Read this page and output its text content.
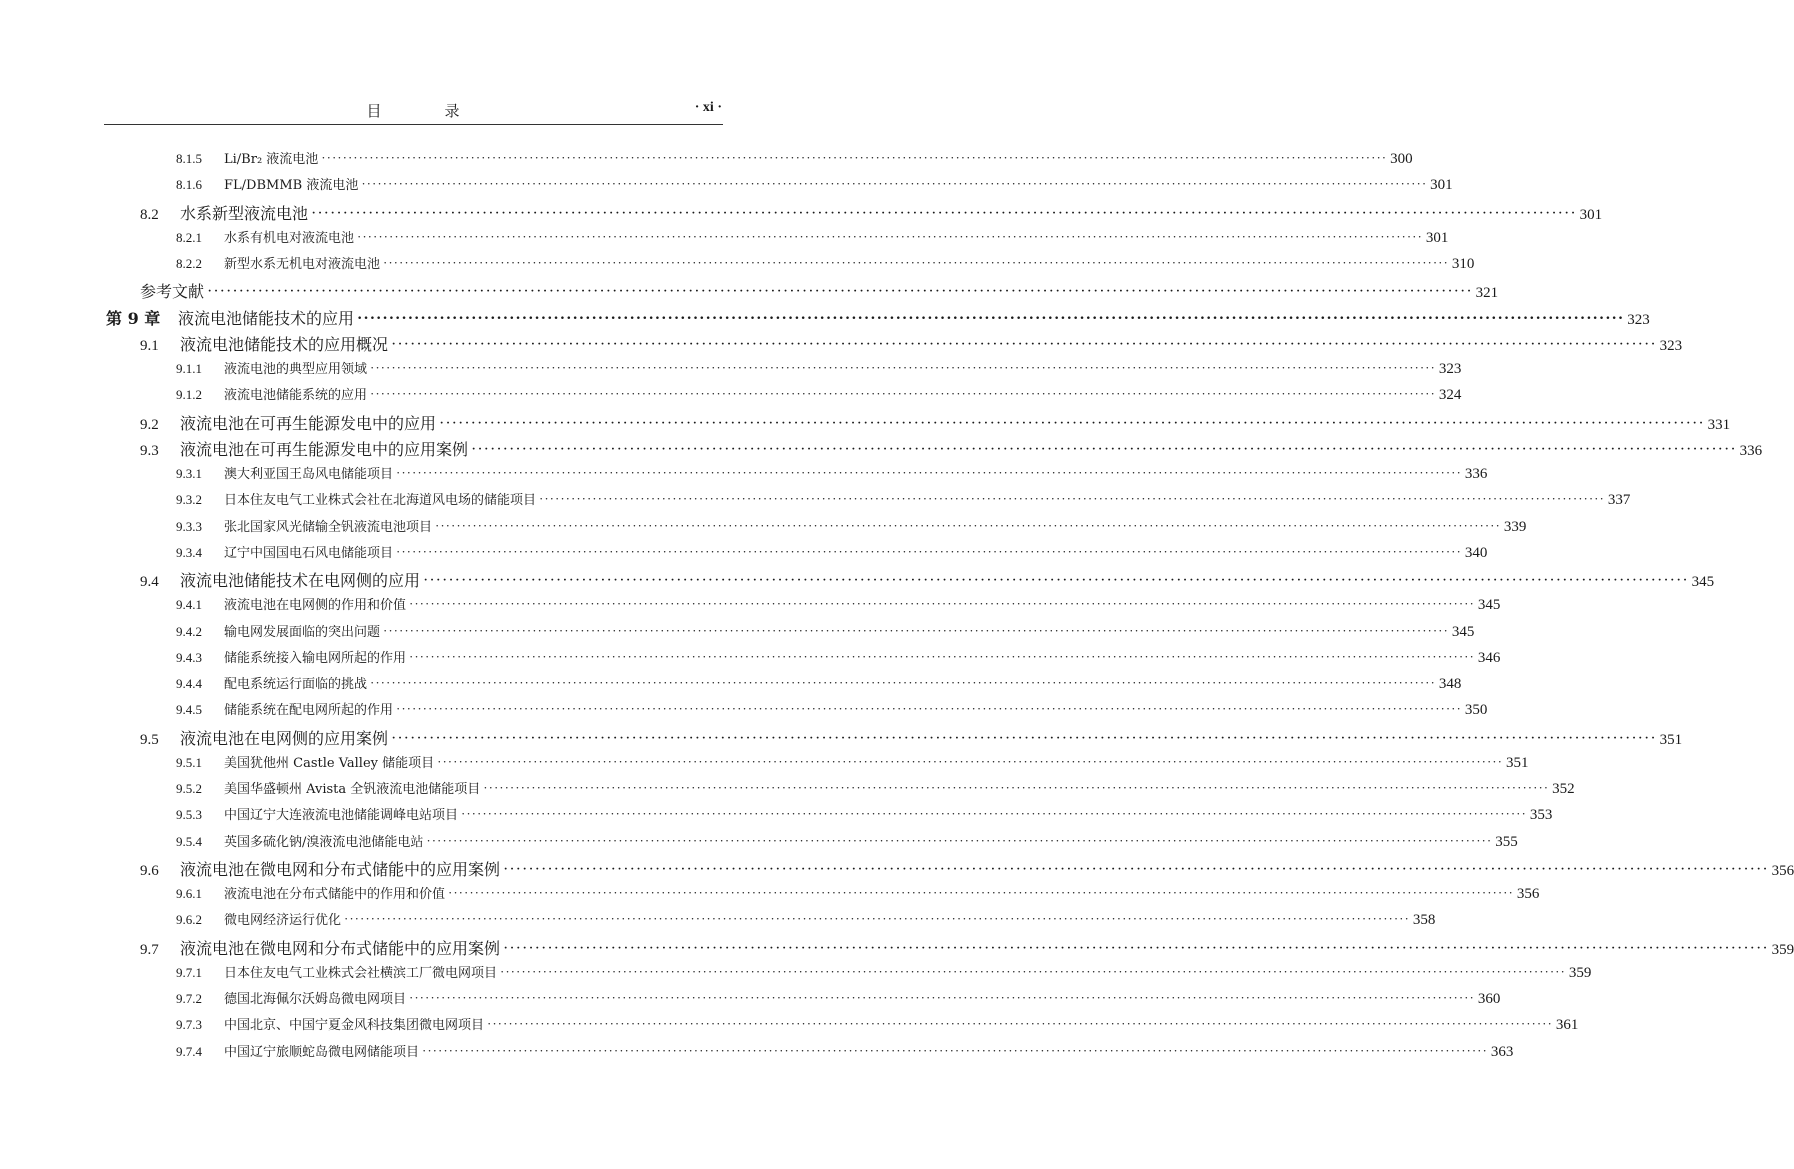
目　录	· xi ·
8.1.5	Li/Br₂ 液流电池 ········································································································································································································ 300
8.1.6	FL/DBMMB 液流电池 ········································································································································································································ 301
8.2	水系新型液流电池 ········································································································································································································ 301
8.2.1	水系有机电对液流电池 ········································································································································································································ 301
8.2.2	新型水系无机电对液流电池 ········································································································································································································ 310
参考文献 ········································································································································································································ 321
第 9 章	液流电池储能技术的应用 ········································································································································································································ 323
9.1	液流电池储能技术的应用概况 ········································································································································································································ 323
9.1.1	液流电池的典型应用领域 ········································································································································································································ 323
9.1.2	液流电池储能系统的应用 ········································································································································································································ 324
9.2	液流电池在可再生能源发电中的应用 ········································································································································································································ 331
9.3	液流电池在可再生能源发电中的应用案例 ········································································································································································································ 336
9.3.1	澳大利亚国王岛风电储能项目 ········································································································································································································ 336
9.3.2	日本住友电气工业株式会社在北海道风电场的储能项目 ········································································································································································································ 337
9.3.3	张北国家风光储输全钒液流电池项目 ········································································································································································································ 339
9.3.4	辽宁中国国电石风电储能项目 ········································································································································································································ 340
9.4	液流电池储能技术在电网侧的应用 ········································································································································································································ 345
9.4.1	液流电池在电网侧的作用和价值 ········································································································································································································ 345
9.4.2	输电网发展面临的突出问题 ········································································································································································································ 345
9.4.3	储能系统接入输电网所起的作用 ········································································································································································································ 346
9.4.4	配电系统运行面临的挑战 ········································································································································································································ 348
9.4.5	储能系统在配电网所起的作用 ········································································································································································································ 350
9.5	液流电池在电网侧的应用案例 ········································································································································································································ 351
9.5.1	美国犹他州 Castle Valley 储能项目 ········································································································································································································ 351
9.5.2	美国华盛顿州 Avista 全钒液流电池储能项目 ········································································································································································································ 352
9.5.3	中国辽宁大连液流电池储能调峰电站项目 ········································································································································································································ 353
9.5.4	英国多硫化钠/溴液流电池储能电站 ········································································································································································································ 355
9.6	液流电池在微电网和分布式储能中的应用案例 ········································································································································································································ 356
9.6.1	液流电池在分布式储能中的作用和价值 ········································································································································································································ 356
9.6.2	微电网经济运行优化 ········································································································································································································ 358
9.7	液流电池在微电网和分布式储能中的应用案例 ········································································································································································································ 359
9.7.1	日本住友电气工业株式会社横滨工厂微电网项目 ········································································································································································································ 359
9.7.2	德国北海佩尔沃姆岛微电网项目 ········································································································································································································ 360
9.7.3	中国北京、中国宁夏金风科技集团微电网项目 ········································································································································································································ 361
9.7.4	中国辽宁旅顺蛇岛微电网储能项目 ········································································································································································································ 363
